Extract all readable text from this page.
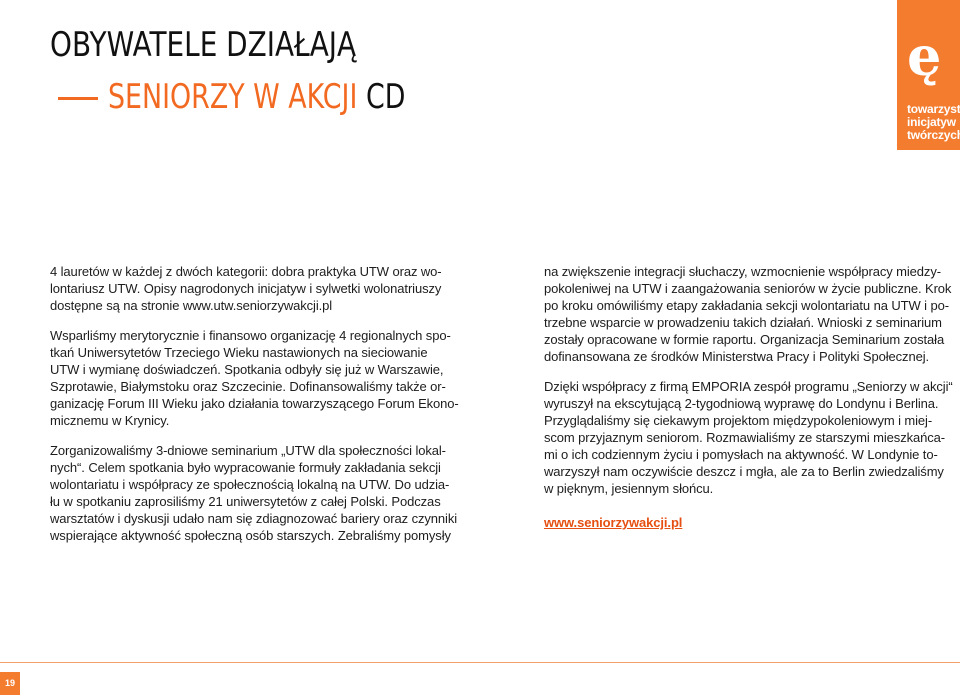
OBYWATELE DZIAŁAJĄ
SENIORZY W AKCJI CD
ę
towarzystwo
inicjatyw
twórczych

4 lauretów w każdej z dwóch kategorii: dobra praktyka UTW oraz wo-
lontariusz UTW. Opisy nagrodonych inicjatyw i sylwetki wolonatriuszy
dostępne są na stronie www.utw.seniorzywakcji.pl

Wsparliśmy merytorycznie i finansowo organizację 4 regionalnych spo-
tkań Uniwersytetów Trzeciego Wieku nastawionych na sieciowanie
UTW i wymianę doświadczeń. Spotkania odbyły się już w Warszawie,
Szprotawie, Białymstoku oraz Szczecinie. Dofinansowaliśmy także or-
ganizację Forum III Wieku jako działania towarzyszącego Forum Ekono-
micznemu w Krynicy.

Zorganizowaliśmy 3-dniowe seminarium „UTW dla społeczności lokal-
nych“. Celem spotkania było wypracowanie formuły zakładania sekcji
wolontariatu i współpracy ze społecznością lokalną na UTW. Do udzia-
łu w spotkaniu zaprosiliśmy 21 uniwersytetów z całej Polski. Podczas
warsztatów i dyskusji udało nam się zdiagnozować bariery oraz czynniki
wspierające aktywność społeczną osób starszych. Zebraliśmy pomysły

na zwiększenie integracji słuchaczy, wzmocnienie współpracy miedzy-
pokoleniwej na UTW i zaangażowania seniorów w życie publiczne. Krok
po kroku omówiliśmy etapy zakładania sekcji wolontariatu na UTW i po-
trzebne wsparcie w prowadzeniu takich działań. Wnioski z seminarium
zostały opracowane w formie raportu. Organizacja Seminarium została
dofinansowana ze środków Ministerstwa Pracy i Polityki Społecznej.

Dzięki współpracy z firmą EMPORIA zespół programu „Seniorzy w akcji“
wyruszył na ekscytującą 2-tygodniową wyprawę do Londynu i Berlina.
Przyglądaliśmy się ciekawym projektom międzypokoleniowym i miej-
scom przyjaznym seniorom. Rozmawialiśmy ze starszymi mieszkańca-
mi o ich codziennym życiu i pomysłach na aktywność. W Londynie to-
warzyszył nam oczywiście deszcz i mgła, ale za to Berlin zwiedzaliśmy
w pięknym, jesiennym słońcu.

www.seniorzywakcji.pl
19
